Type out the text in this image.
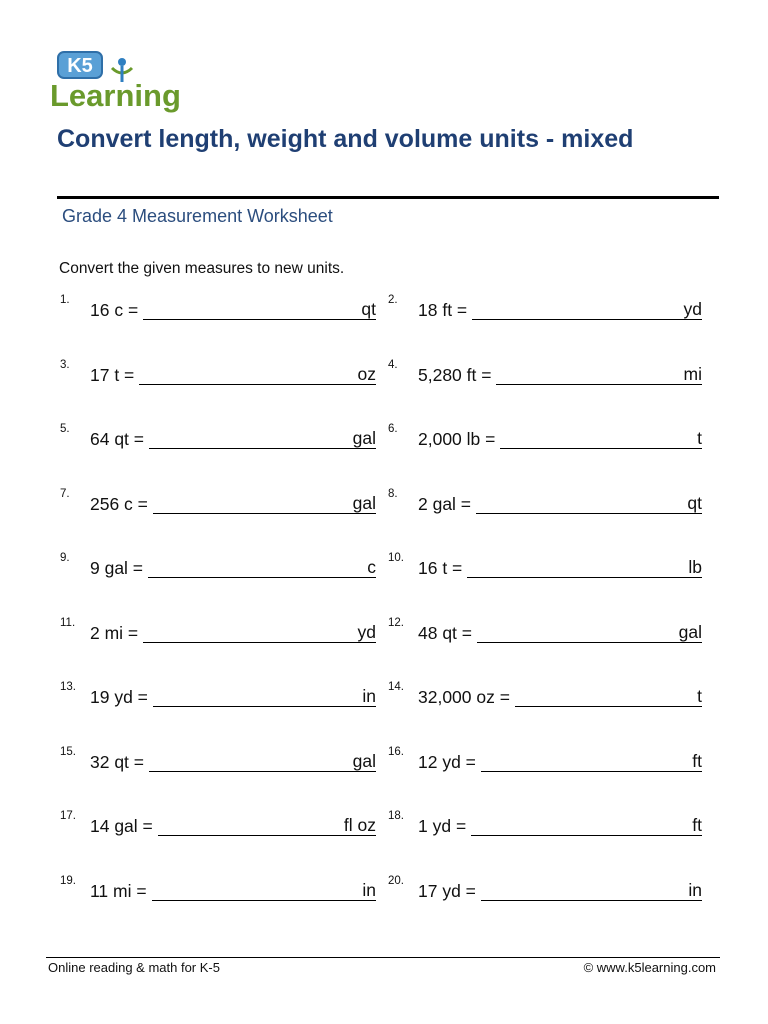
K5
Learning
Convert length, weight and volume units - mixed
Grade 4 Measurement Worksheet
Convert the given measures to new units.
1.	16 c =	qt 2.	18 ft =	yd
3.	17 t =	oz 4.	5,280 ft =	mi
5.	64 qt =	gal 6.	2,000 lb =	t
7.	256 c =	gal 8.	2 gal =	qt
9.	9 gal =	c 10. 16 t =	lb
11. 2 mi =	yd 12. 48 qt =	gal
13. 19 yd =	in 14. 32,000 oz =	t
15. 32 qt =	gal 16. 12 yd =	ft
17. 14 gal =	fl oz 18. 1 yd =	ft
19. 11 mi =	in 20. 17 yd =	in
Online reading & math for K-5	© www.k5learning.com
